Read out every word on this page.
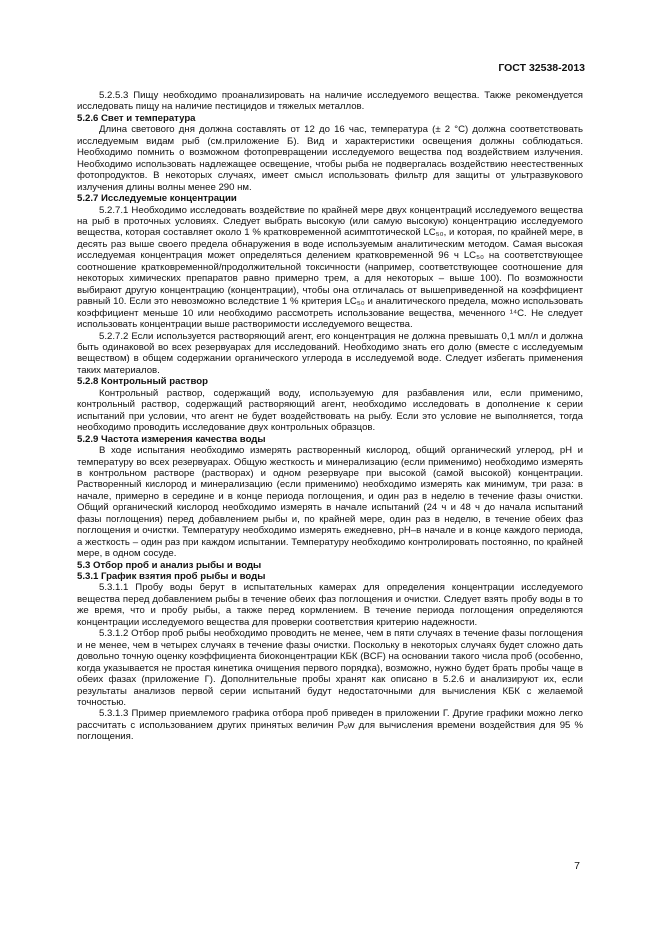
ГОСТ 32538-2013

5.2.5.3 Пищу необходимо проанализировать на наличие исследуемого вещества. Также рекомендуется исследовать пищу на наличие пестицидов и тяжелых металлов.

5.2.6 Свет и температура

Длина светового дня должна составлять от 12 до 16 час, температура (± 2 °С) должна соответствовать исследуемым видам рыб (см.приложение Б). Вид и характеристики освещения должны соблюдаться. Необходимо помнить о возможном фотопревращении исследуемого вещества под воздействием излучения. Необходимо использовать надлежащее освещение, чтобы рыба не подвергалась воздействию неестественных фотопродуктов. В некоторых случаях, имеет смысл использовать фильтр для защиты от ультразвукового излучения длины волны менее 290 нм.

5.2.7 Исследуемые концентрации

5.2.7.1 Необходимо исследовать воздействие по крайней мере двух концентраций исследуемого вещества на рыб в проточных условиях. Следует выбрать высокую (или самую высокую) концентрацию исследуемого вещества, которая составляет около 1 % кратковременной асимптотической LC₅₀, и которая, по крайней мере, в десять раз выше своего предела обнаружения в воде используемым аналитическим методом. Самая высокая исследуемая концентрация может определяться делением кратковременной 96 ч LC₅₀ на соответствующее соотношение кратковременной/продолжительной токсичности (например, соответствующее соотношение для некоторых химических препаратов равно примерно трем, а для некоторых – выше 100). По возможности выбирают другую концентрацию (концентрации), чтобы она отличалась от вышеприведенной на коэффициент равный 10. Если это невозможно вследствие 1 % критерия LC₅₀ и аналитического предела, можно использовать коэффициент меньше 10 или необходимо рассмотреть использование вещества, меченного ¹⁴С. Не следует использовать концентрации выше растворимости исследуемого вещества.

5.2.7.2 Если используется растворяющий агент, его концентрация не должна превышать 0,1 мл/л и должна быть одинаковой во всех резервуарах для исследований. Необходимо знать его долю (вместе с исследуемым веществом) в общем содержании органического углерода в исследуемой воде. Следует избегать применения таких материалов.

5.2.8 Контрольный раствор

Контрольный раствор, содержащий воду, используемую для разбавления или, если применимо, контрольный раствор, содержащий растворяющий агент, необходимо исследовать в дополнение к серии испытаний при условии, что агент не будет воздействовать на рыбу. Если это условие не выполняется, тогда необходимо проводить исследование двух контрольных образцов.

5.2.9 Частота измерения качества воды

В ходе испытания необходимо измерять растворенный кислород, общий органический углерод, pH и температуру во всех резервуарах. Общую жесткость и минерализацию (если применимо) необходимо измерять в контрольном растворе (растворах) и одном резервуаре при высокой (самой высокой) концентрации. Растворенный кислород и минерализацию (если применимо) необходимо измерять как минимум, три раза: в начале, примерно в середине и в конце периода поглощения, и один раз в неделю в течение фазы очистки. Общий органический кислород необходимо измерять в начале испытаний (24 ч и 48 ч до начала испытаний фазы поглощения) перед добавлением рыбы и, по крайней мере, один раз в неделю, в течение обеих фаз поглощения и очистки. Температуру необходимо измерять ежедневно, pH–в начале и в конце каждого периода, а жесткость – один раз при каждом испытании. Температуру необходимо контролировать постоянно, по крайней мере, в одном сосуде.

5.3 Отбор проб и анализ рыбы и воды

5.3.1 График взятия проб рыбы и воды

5.3.1.1 Пробу воды берут в испытательных камерах для определения концентрации исследуемого вещества перед добавлением рыбы в течение обеих фаз поглощения и очистки. Следует взять пробу воды в то же время, что и пробу рыбы, а также перед кормлением. В течение периода поглощения определяются концентрации исследуемого вещества для проверки соответствия критерию надежности.

5.3.1.2 Отбор проб рыбы необходимо проводить не менее, чем в пяти случаях в течение фазы поглощения и не менее, чем в четырех случаях в течение фазы очистки. Поскольку в некоторых случаях будет сложно дать довольно точную оценку коэффициента биоконцентрации КБК (BCF) на основании такого числа проб (особенно, когда указывается не простая кинетика очищения первого порядка), возможно, нужно будет брать пробы чаще в обеих фазах (приложение Г). Дополнительные пробы хранят как описано в 5.2.6 и анализируют их, если результаты анализов первой серии испытаний будут недостаточными для вычисления КБК с желаемой точностью.

5.3.1.3 Пример приемлемого графика отбора проб приведен в приложении Г. Другие графики можно легко рассчитать с использованием других принятых величин Pₒw для вычисления времени воздействия для 95 % поглощения.

7
